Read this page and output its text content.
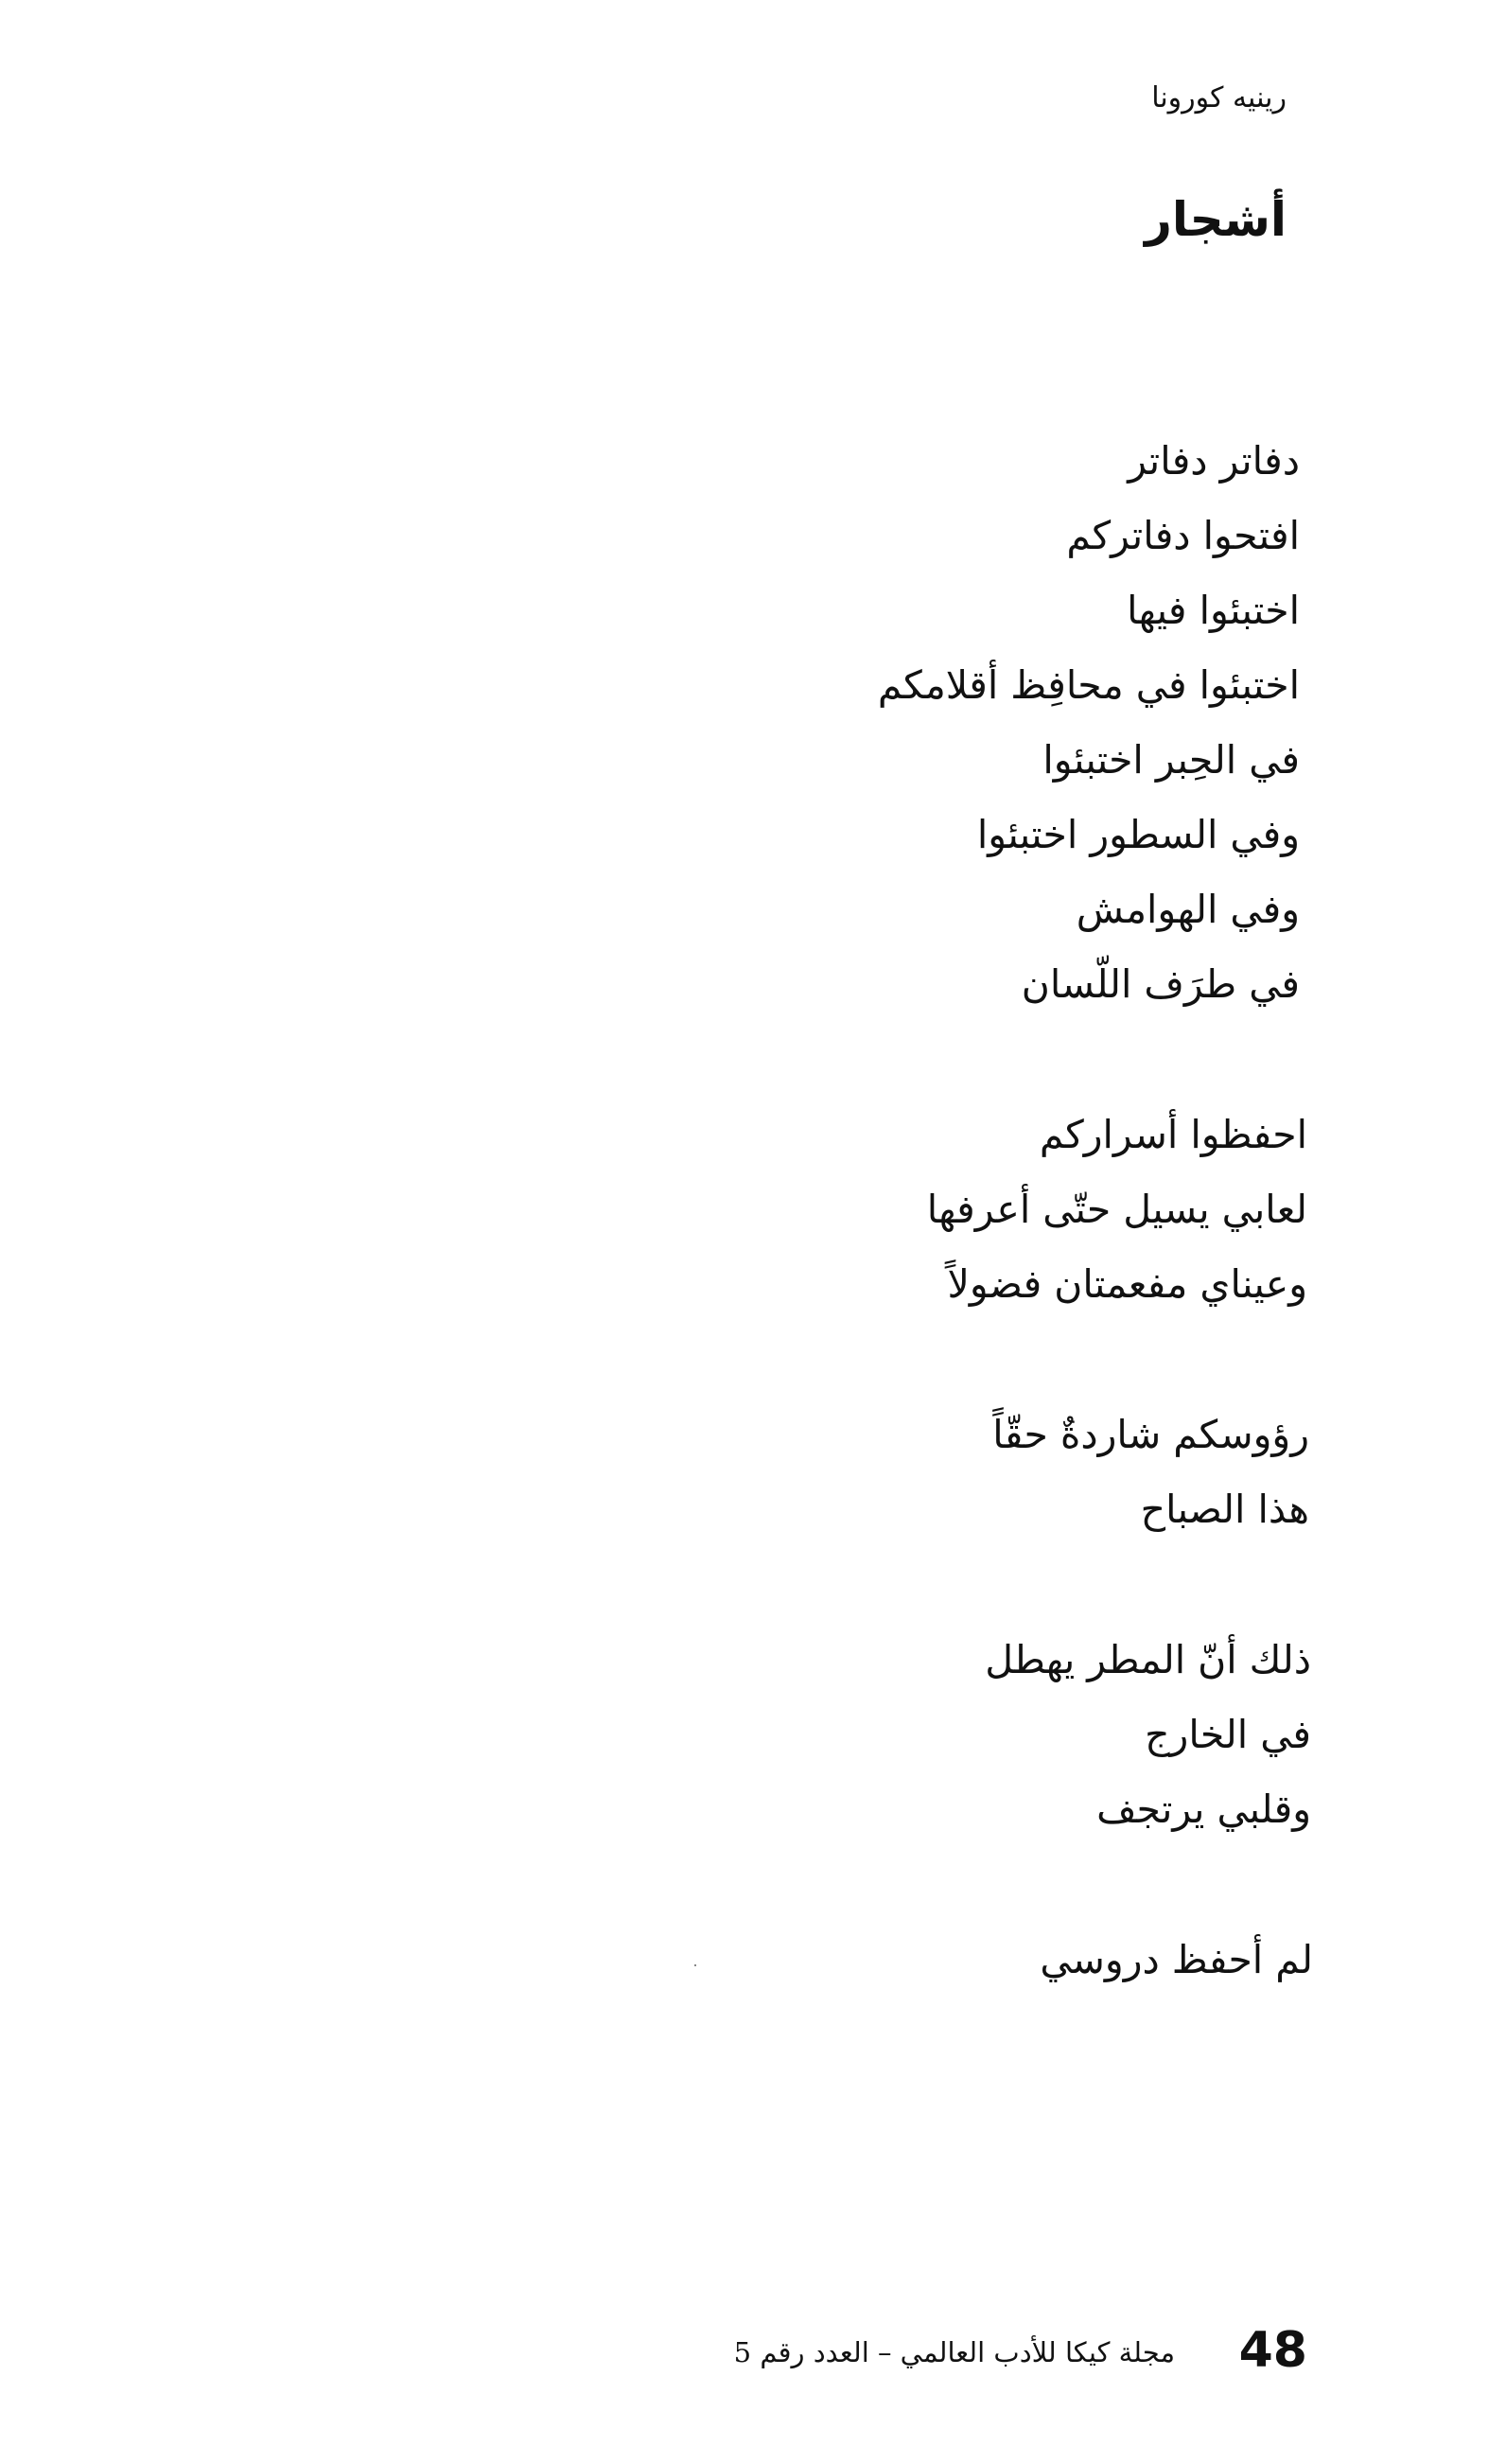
رينيه كورونا
أشجار
دفاتر دفاتر
افتحوا دفاتركم
اختبئوا فيها
اختبئوا في محافِظ أقلامكم
في الحِبر اختبئوا
وفي السطور اختبئوا
وفي الهوامش
في طرَف اللّسان
احفظوا أسراركم
لعابي يسيل حتّى أعرفها
وعيناي مفعمتان فضولاً
رؤوسكم شاردةٌ حقّاً
هذا الصباح
ذلك أنّ المطر يهطل
في الخارج
وقلبي يرتجف
لم أحفظ دروسي
مجلة كيكا للأدب العالمي – العدد رقم 5 48
